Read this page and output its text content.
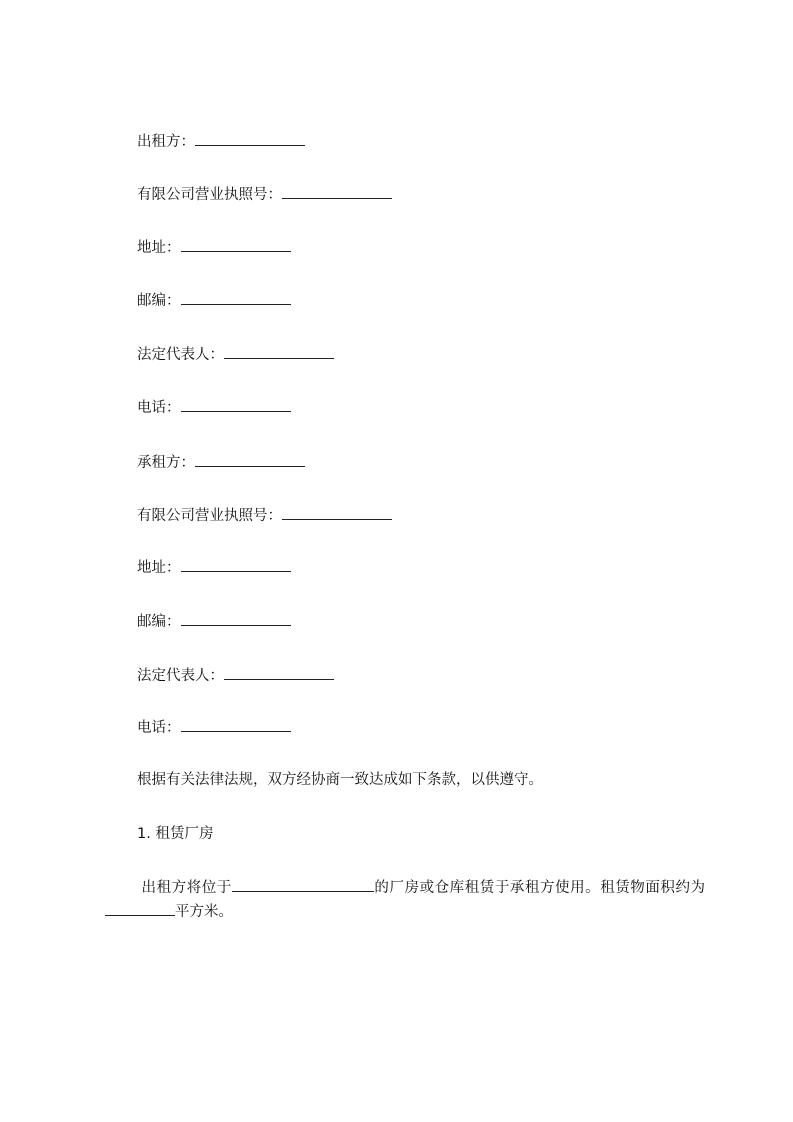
出租方：
有限公司营业执照号：
地址：
邮编：
法定代表人：
电话：
承租方：
有限公司营业执照号：
地址：
邮编：
法定代表人：
电话：
根据有关法律法规，双方经协商一致达成如下条款，以供遵守。
1. 租赁厂房
出租方将位于	的厂房或仓库租赁于承租方使用。租赁物面积约为平方米。
